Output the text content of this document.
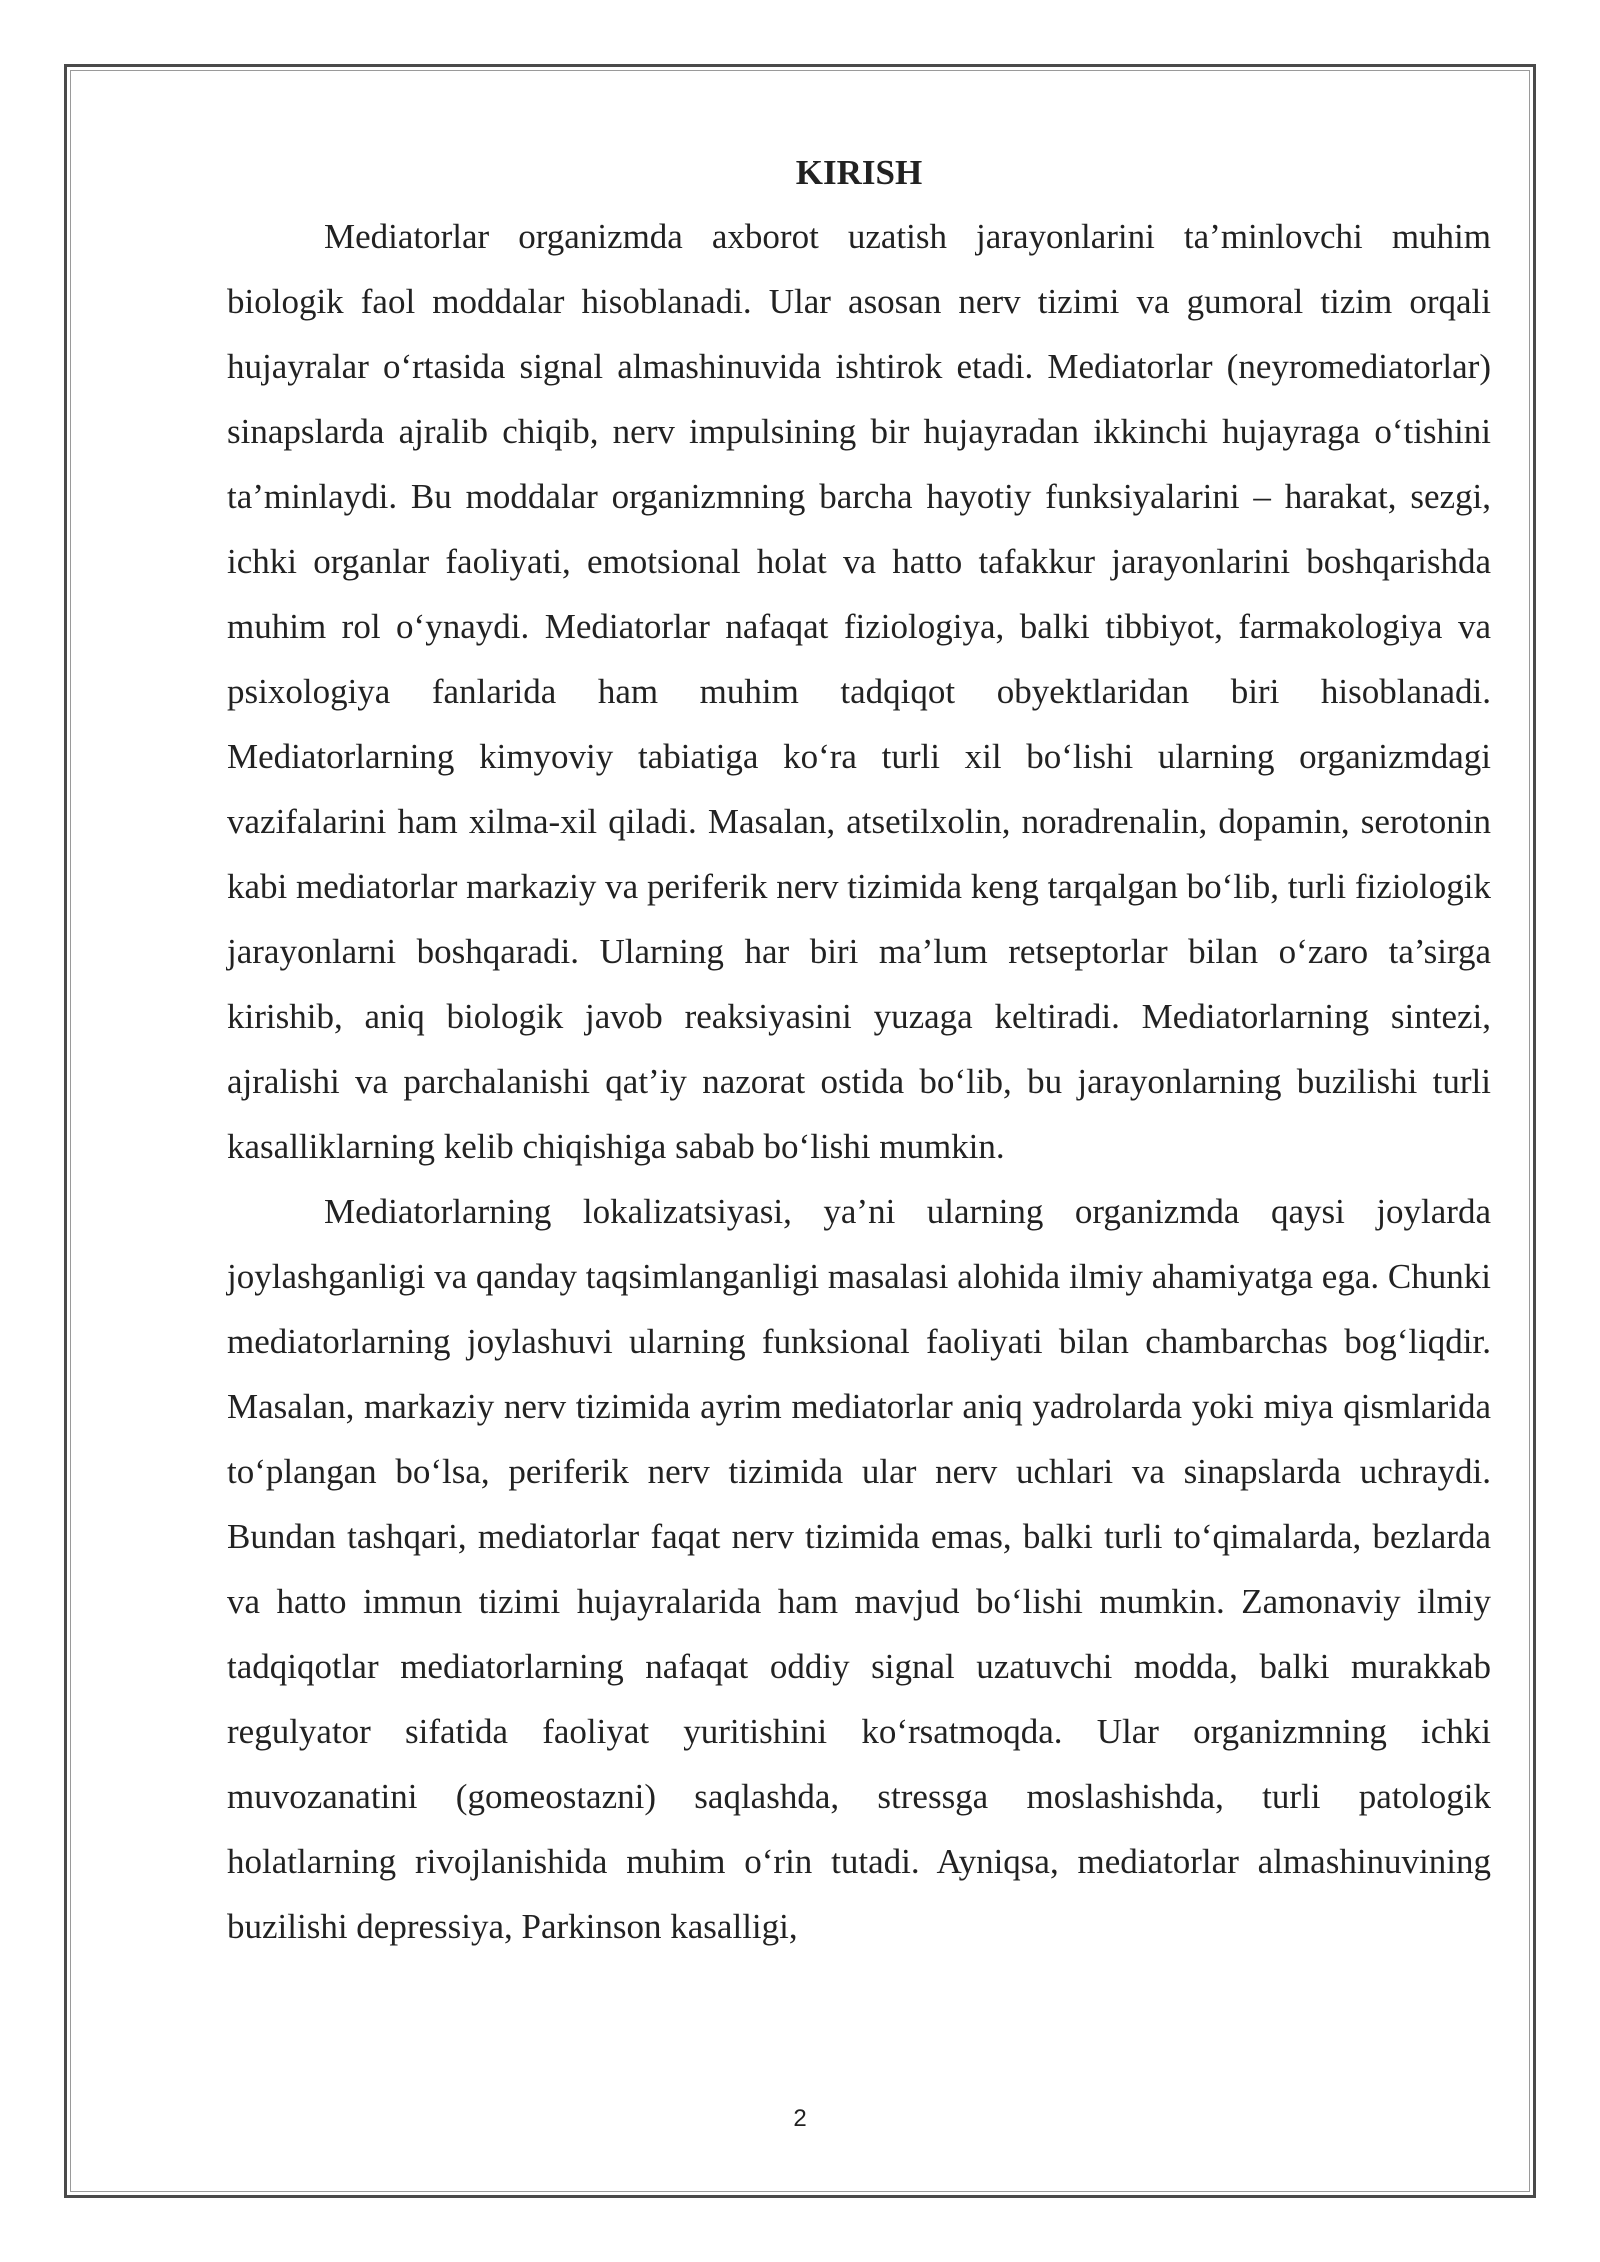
KIRISH

Mediatorlar organizmda axborot uzatish jarayonlarini ta’minlovchi muhim biologik faol moddalar hisoblanadi. Ular asosan nerv tizimi va gumoral tizim orqali hujayralar o‘rtasida signal almashinuvida ishtirok etadi. Mediatorlar (neyromediatorlar) sinapslarda ajralib chiqib, nerv impulsining bir hujayradan ikkinchi hujayraga o‘tishini ta’minlaydi. Bu moddalar organizmning barcha hayotiy funksiyalarini – harakat, sezgi, ichki organlar faoliyati, emotsional holat va hatto tafakkur jarayonlarini boshqarishda muhim rol o‘ynaydi. Mediatorlar nafaqat fiziologiya, balki tibbiyot, farmakologiya va psixologiya fanlarida ham muhim tadqiqot obyektlaridan biri hisoblanadi. Mediatorlarning kimyoviy tabiatiga ko‘ra turli xil bo‘lishi ularning organizmdagi vazifalarini ham xilma-xil qiladi. Masalan, atsetilxolin, noradrenalin, dopamin, serotonin kabi mediatorlar markaziy va periferik nerv tizimida keng tarqalgan bo‘lib, turli fiziologik jarayonlarni boshqaradi. Ularning har biri ma’lum retseptorlar bilan o‘zaro ta’sirga kirishib, aniq biologik javob reaksiyasini yuzaga keltiradi. Mediatorlarning sintezi, ajralishi va parchalanishi qat’iy nazorat ostida bo‘lib, bu jarayonlarning buzilishi turli kasalliklarning kelib chiqishiga sabab bo‘lishi mumkin.

Mediatorlarning lokalizatsiyasi, ya’ni ularning organizmda qaysi joylarda joylashganligi va qanday taqsimlanganligi masalasi alohida ilmiy ahamiyatga ega. Chunki mediatorlarning joylashuvi ularning funksional faoliyati bilan chambarchas bog‘liqdir. Masalan, markaziy nerv tizimida ayrim mediatorlar aniq yadrolarda yoki miya qismlarida to‘plangan bo‘lsa, periferik nerv tizimida ular nerv uchlari va sinapslarda uchraydi. Bundan tashqari, mediatorlar faqat nerv tizimida emas, balki turli to‘qimalarda, bezlarda va hatto immun tizimi hujayralarida ham mavjud bo‘lishi mumkin. Zamonaviy ilmiy tadqiqotlar mediatorlarning nafaqat oddiy signal uzatuvchi modda, balki murakkab regulyator sifatida faoliyat yuritishini ko‘rsatmoqda. Ular organizmning ichki muvozanatini (gomeostazni) saqlashda, stressga moslashishda, turli patologik holatlarning rivojlanishida muhim o‘rin tutadi. Ayniqsa, mediatorlar almashinuvining buzilishi depressiya, Parkinson kasalligi,

2
